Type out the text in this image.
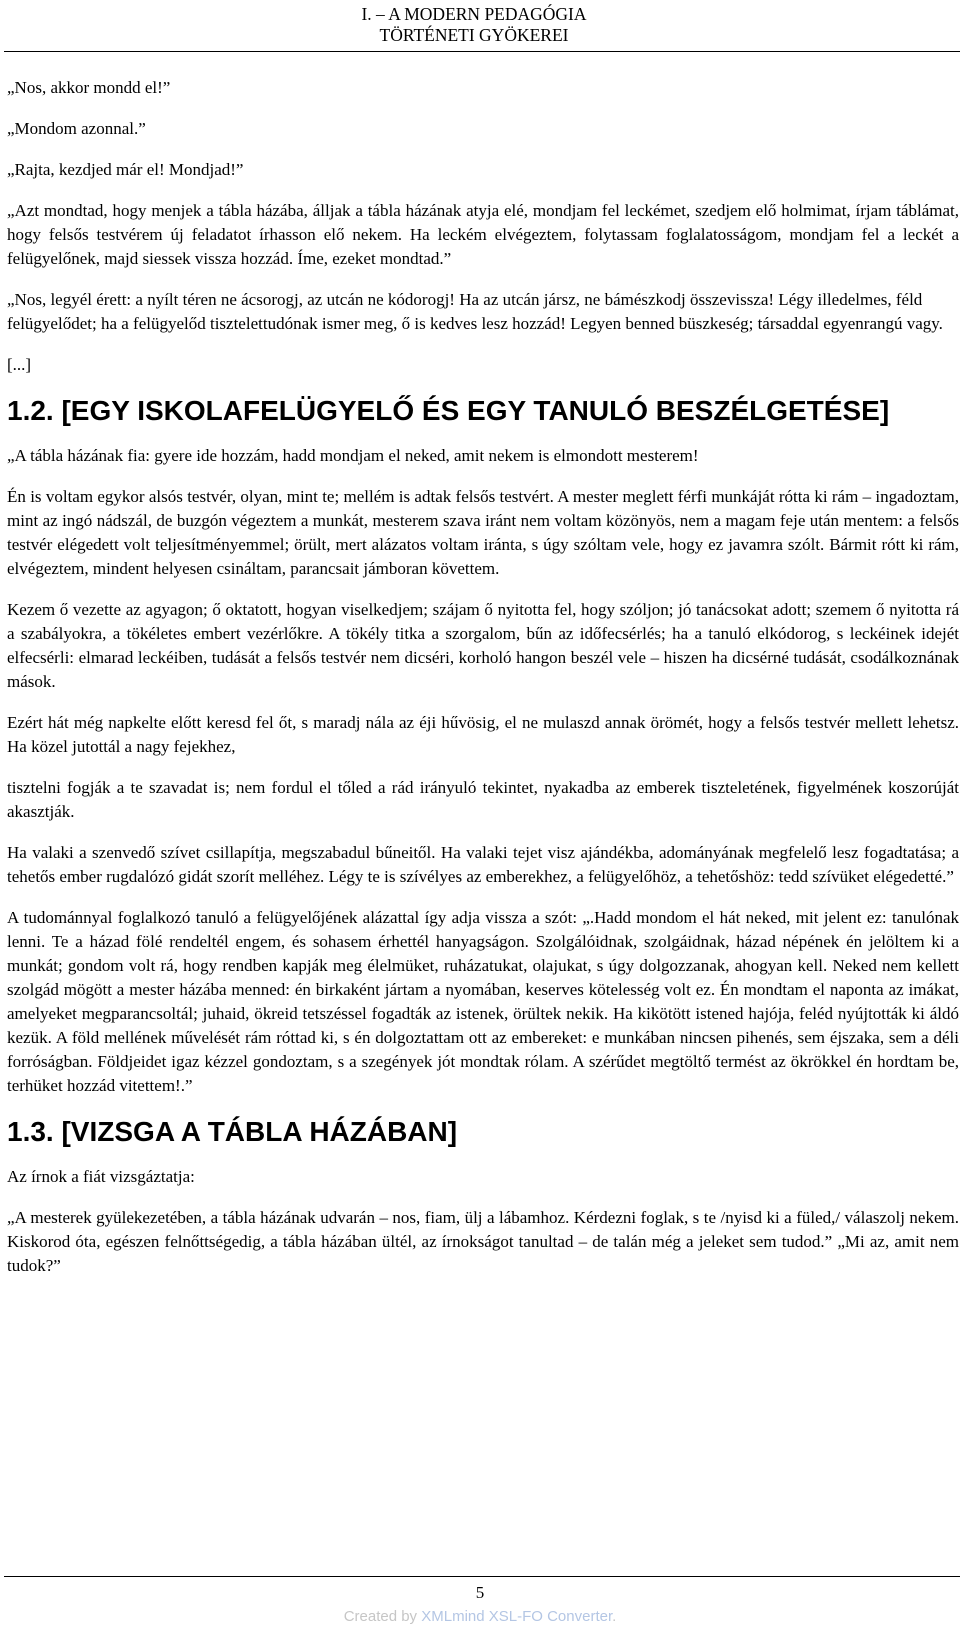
I. – A MODERN PEDAGÓGIA
TÖRTÉNETI GYÖKEREI

„Nos, akkor mondd el!”

„Mondom azonnal.”

„Rajta, kezdjed már el! Mondjad!”

„Azt mondtad, hogy menjek a tábla házába, álljak a tábla házának atyja elé, mondjam fel leckémet, szedjem elő holmimat, írjam táblámat, hogy felsős testvérem új feladatot írhasson elő nekem. Ha leckém elvégeztem, folytassam foglalatosságom, mondjam fel a leckét a felügyelőnek, majd siessek vissza hozzád. Íme, ezeket mondtad.”

„Nos, legyél érett: a nyílt téren ne ácsorogj, az utcán ne kódorogj! Ha az utcán jársz, ne bámészkodj összevissza! Légy illedelmes, féld felügyelődet; ha a felügyelőd tisztelettudónak ismer meg, ő is kedves lesz hozzád! Legyen benned büszkeség; társaddal egyenrangú vagy.

[...]

1.2. [EGY ISKOLAFELÜGYELŐ ÉS EGY TANULÓ BESZÉLGETÉSE]

„A tábla házának fia: gyere ide hozzám, hadd mondjam el neked, amit nekem is elmondott mesterem!

Én is voltam egykor alsós testvér, olyan, mint te; mellém is adtak felsős testvért. A mester meglett férfi munkáját rótta ki rám – ingadoztam, mint az ingó nádszál, de buzgón végeztem a munkát, mesterem szava iránt nem voltam közönyös, nem a magam feje után mentem: a felsős testvér elégedett volt teljesítményemmel; örült, mert alázatos voltam iránta, s úgy szóltam vele, hogy ez javamra szólt. Bármit rótt ki rám, elvégeztem, mindent helyesen csináltam, parancsait jámboran követtem.

Kezem ő vezette az agyagon; ő oktatott, hogyan viselkedjem; szájam ő nyitotta fel, hogy szóljon; jó tanácsokat adott; szemem ő nyitotta rá a szabályokra, a tökéletes embert vezérlőkre. A tökély titka a szorgalom, bűn az időfecsérlés; ha a tanuló elkódorog, s leckéinek idejét elfecsérli: elmarad leckéiben, tudását a felsős testvér nem dicséri, korholó hangon beszél vele – hiszen ha dicsérné tudását, csodálkoznának mások.

Ezért hát még napkelte előtt keresd fel őt, s maradj nála az éji hűvösig, el ne mulaszd annak örömét, hogy a felsős testvér mellett lehetsz. Ha közel jutottál a nagy fejekhez,

tisztelni fogják a te szavadat is; nem fordul el tőled a rád irányuló tekintet, nyakadba az emberek tiszteletének, figyelmének koszorúját akasztják.

Ha valaki a szenvedő szívet csillapítja, megszabadul bűneitől. Ha valaki tejet visz ajándékba, adományának megfelelő lesz fogadtatása; a tehetős ember rugdalózó gidát szorít melléhez. Légy te is szívélyes az emberekhez, a felügyelőhöz, a tehetőshöz: tedd szívüket elégedetté.”

A tudománnyal foglalkozó tanuló a felügyelőjének alázattal így adja vissza a szót: „.Hadd mondom el hát neked, mit jelent ez: tanulónak lenni. Te a házad fölé rendeltél engem, és sohasem érhettél hanyagságon. Szolgálóidnak, szolgáidnak, házad népének én jelöltem ki a munkát; gondom volt rá, hogy rendben kapják meg élelmüket, ruházatukat, olajukat, s úgy dolgozzanak, ahogyan kell. Neked nem kellett szolgád mögött a mester házába menned: én birkaként jártam a nyomában, keserves kötelesség volt ez. Én mondtam el naponta az imákat, amelyeket megparancsoltál; juhaid, ökreid tetszéssel fogadták az istenek, örültek nekik. Ha kikötött istened hajója, feléd nyújtották ki áldó kezük. A föld mellének művelését rám róttad ki, s én dolgoztattam ott az embereket: e munkában nincsen pihenés, sem éjszaka, sem a déli forróságban. Földjeidet igaz kézzel gondoztam, s a szegények jót mondtak rólam. A szérűdet megtöltő termést az ökrökkel én hordtam be, terhüket hozzád vitettem!.”

1.3. [VIZSGA A TÁBLA HÁZÁBAN]

Az írnok a fiát vizsgáztatja:

„A mesterek gyülekezetében, a tábla házának udvarán – nos, fiam, ülj a lábamhoz. Kérdezni foglak, s te /nyisd ki a füled,/ válaszolj nekem. Kiskorod óta, egészen felnőttségedig, a tábla házában ültél, az írnokságot tanultad – de talán még a jeleket sem tudod.” „Mi az, amit nem tudok?”

5
Created by XMLmind XSL-FO Converter.
